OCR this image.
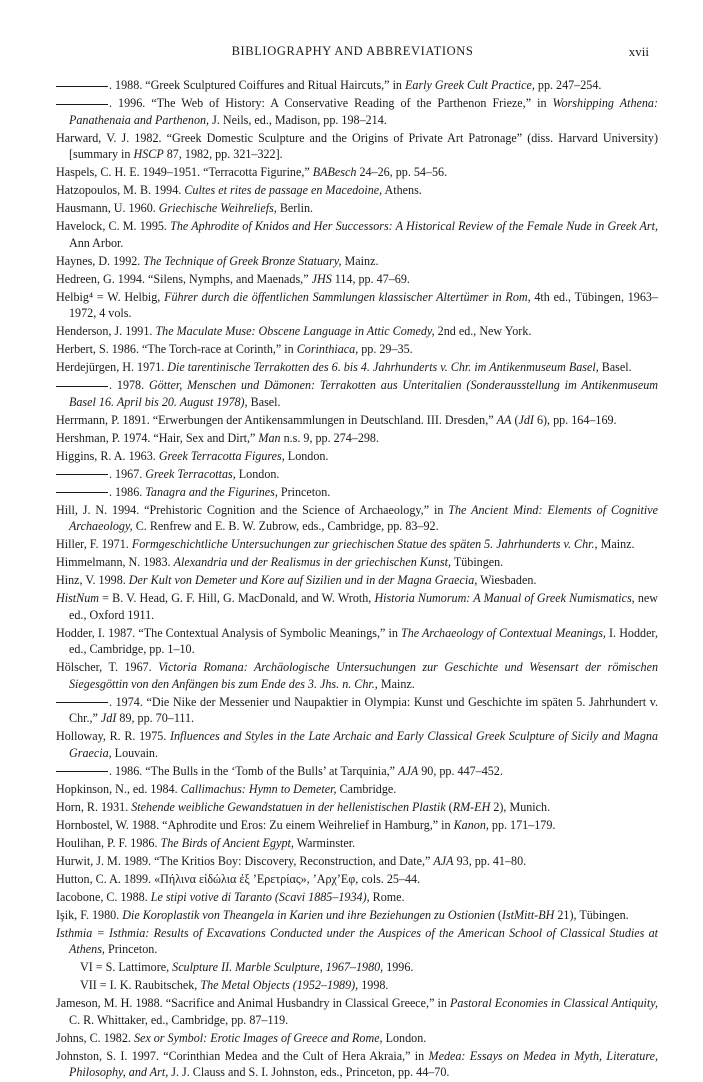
BIBLIOGRAPHY AND ABBREVIATIONS	xvii

. 1988. “Greek Sculptured Coiffures and Ritual Haircuts,” in Early Greek Cult Practice, pp. 247–254.

. 1996. “The Web of History: A Conservative Reading of the Parthenon Frieze,” in Worshipping Athena: Panathenaia and Parthenon, J. Neils, ed., Madison, pp. 198–214.

Harward, V. J. 1982. “Greek Domestic Sculpture and the Origins of Private Art Patronage” (diss. Harvard University) [summary in HSCP 87, 1982, pp. 321–322].

Haspels, C. H. E. 1949–1951. “Terracotta Figurine,” BABesch 24–26, pp. 54–56.

Hatzopoulos, M. B. 1994. Cultes et rites de passage en Macedoine, Athens.

Hausmann, U. 1960. Griechische Weihreliefs, Berlin.

Havelock, C. M. 1995. The Aphrodite of Knidos and Her Successors: A Historical Review of the Female Nude in Greek Art, Ann Arbor.

Haynes, D. 1992. The Technique of Greek Bronze Statuary, Mainz.

Hedreen, G. 1994. “Silens, Nymphs, and Maenads,” JHS 114, pp. 47–69.

Helbig⁴ = W. Helbig, Führer durch die öffentlichen Sammlungen klassischer Altertümer in Rom, 4th ed., Tübingen, 1963–1972, 4 vols.

Henderson, J. 1991. The Maculate Muse: Obscene Language in Attic Comedy, 2nd ed., New York.

Herbert, S. 1986. “The Torch-race at Corinth,” in Corinthiaca, pp. 29–35.

Herdejürgen, H. 1971. Die tarentinische Terrakotten des 6. bis 4. Jahrhunderts v. Chr. im Antikenmuseum Basel, Basel.

. 1978. Götter, Menschen und Dämonen: Terrakotten aus Unteritalien (Sonderausstellung im Antikenmuseum Basel 16. April bis 20. August 1978), Basel.

Herrmann, P. 1891. “Erwerbungen der Antikensammlungen in Deutschland. III. Dresden,” AA (JdI 6), pp. 164–169.

Hershman, P. 1974. “Hair, Sex and Dirt,” Man n.s. 9, pp. 274–298.

Higgins, R. A. 1963. Greek Terracotta Figures, London.

. 1967. Greek Terracottas, London.

. 1986. Tanagra and the Figurines, Princeton.

Hill, J. N. 1994. “Prehistoric Cognition and the Science of Archaeology,” in The Ancient Mind: Elements of Cognitive Archaeology, C. Renfrew and E. B. W. Zubrow, eds., Cambridge, pp. 83–92.

Hiller, F. 1971. Formgeschichtliche Untersuchungen zur griechischen Statue des späten 5. Jahrhunderts v. Chr., Mainz.

Himmelmann, N. 1983. Alexandria und der Realismus in der griechischen Kunst, Tübingen.

Hinz, V. 1998. Der Kult von Demeter und Kore auf Sizilien und in der Magna Graecia, Wiesbaden.

HistNum = B. V. Head, G. F. Hill, G. MacDonald, and W. Wroth, Historia Numorum: A Manual of Greek Numismatics, new ed., Oxford 1911.

Hodder, I. 1987. “The Contextual Analysis of Symbolic Meanings,” in The Archaeology of Contextual Meanings, I. Hodder, ed., Cambridge, pp. 1–10.

Hölscher, T. 1967. Victoria Romana: Archäologische Untersuchungen zur Geschichte und Wesensart der römischen Siegesgöttin von den Anfängen bis zum Ende des 3. Jhs. n. Chr., Mainz.

. 1974. “Die Nike der Messenier und Naupaktier in Olympia: Kunst und Geschichte im späten 5. Jahrhundert v. Chr.,” JdI 89, pp. 70–111.

Holloway, R. R. 1975. Influences and Styles in the Late Archaic and Early Classical Greek Sculpture of Sicily and Magna Graecia, Louvain.

. 1986. “The Bulls in the ‘Tomb of the Bulls’ at Tarquinia,” AJA 90, pp. 447–452.

Hopkinson, N., ed. 1984. Callimachus: Hymn to Demeter, Cambridge.

Horn, R. 1931. Stehende weibliche Gewandstatuen in der hellenistischen Plastik (RM-EH 2), Munich.

Hornbostel, W. 1988. “Aphrodite und Eros: Zu einem Weihrelief in Hamburg,” in Kanon, pp. 171–179.

Houlihan, P. F. 1986. The Birds of Ancient Egypt, Warminster.

Hurwit, J. M. 1989. “The Kritios Boy: Discovery, Reconstruction, and Date,” AJA 93, pp. 41–80.

Hutton, C. A. 1899. «Πήλινα εἰδώλια ἐξ ’Ερετρίας», ’Αρχ’Εφ, cols. 25–44.

Iacobone, C. 1988. Le stipi votive di Taranto (Scavi 1885–1934), Rome.

Işik, F. 1980. Die Koroplastik von Theangela in Karien und ihre Beziehungen zu Ostionien (IstMitt-BH 21), Tübingen.

Isthmia = Isthmia: Results of Excavations Conducted under the Auspices of the American School of Classical Studies at Athens, Princeton.

VI = S. Lattimore, Sculpture II. Marble Sculpture, 1967–1980, 1996.

VII = I. K. Raubitschek, The Metal Objects (1952–1989), 1998.

Jameson, M. H. 1988. “Sacrifice and Animal Husbandry in Classical Greece,” in Pastoral Economies in Classical Antiquity, C. R. Whittaker, ed., Cambridge, pp. 87–119.

Johns, C. 1982. Sex or Symbol: Erotic Images of Greece and Rome, London.

Johnston, S. I. 1997. “Corinthian Medea and the Cult of Hera Akraia,” in Medea: Essays on Medea in Myth, Literature, Philosophy, and Art, J. J. Clauss and S. I. Johnston, eds., Princeton, pp. 44–70.
